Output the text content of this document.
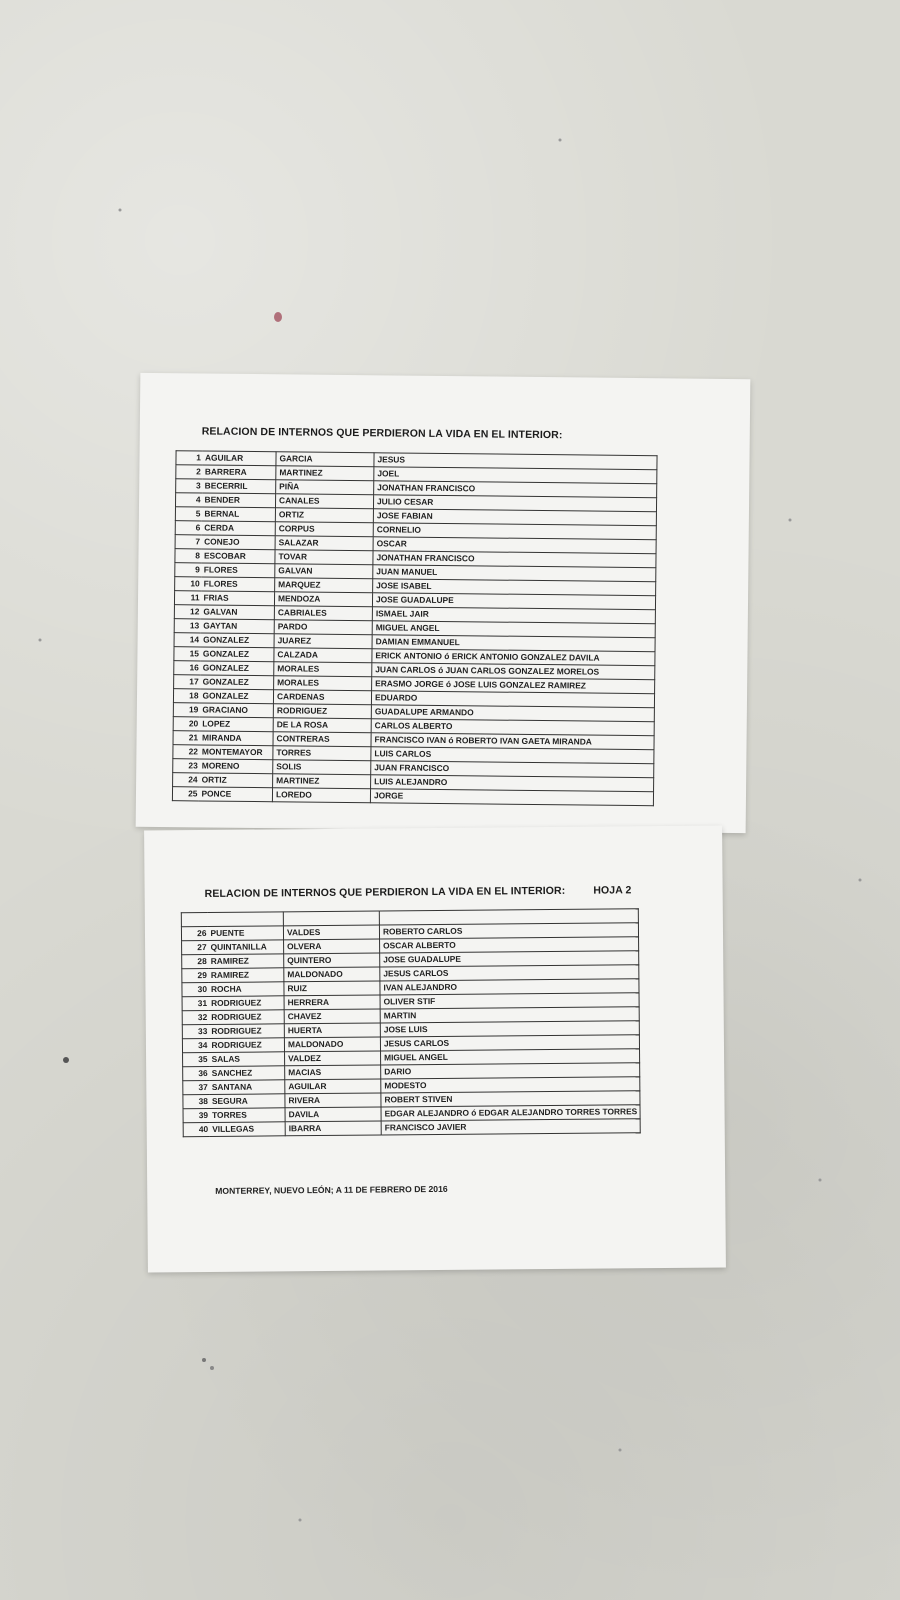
RELACION DE INTERNOS QUE PERDIERON LA VIDA EN EL INTERIOR:
1	AGUILAR	GARCIA	JESUS
2	BARRERA	MARTINEZ	JOEL
3	BECERRIL	PIÑA	JONATHAN FRANCISCO
4	BENDER	CANALES	JULIO CESAR
5	BERNAL	ORTIZ	JOSE FABIAN
6	CERDA	CORPUS	CORNELIO
7	CONEJO	SALAZAR	OSCAR
8	ESCOBAR	TOVAR	JONATHAN FRANCISCO
9	FLORES	GALVAN	JUAN MANUEL
10	FLORES	MARQUEZ	JOSE ISABEL
11	FRIAS	MENDOZA	JOSE GUADALUPE
12	GALVAN	CABRIALES	ISMAEL JAIR
13	GAYTAN	PARDO	MIGUEL ANGEL
14	GONZALEZ	JUAREZ	DAMIAN EMMANUEL
15	GONZALEZ	CALZADA	ERICK ANTONIO ó ERICK ANTONIO GONZALEZ DAVILA
16	GONZALEZ	MORALES	JUAN CARLOS ó JUAN CARLOS GONZALEZ MORELOS
17	GONZALEZ	MORALES	ERASMO JORGE ó JOSE LUIS GONZALEZ RAMIREZ
18	GONZALEZ	CARDENAS	EDUARDO
19	GRACIANO	RODRIGUEZ	GUADALUPE ARMANDO
20	LOPEZ	DE LA ROSA	CARLOS ALBERTO
21	MIRANDA	CONTRERAS	FRANCISCO IVAN ó ROBERTO IVAN GAETA MIRANDA
22	MONTEMAYOR	TORRES	LUIS CARLOS
23	MORENO	SOLIS	JUAN FRANCISCO
24	ORTIZ	MARTINEZ	LUIS ALEJANDRO
25	PONCE	LOREDO	JORGE
RELACION DE INTERNOS QUE PERDIERON LA VIDA EN EL INTERIOR:	HOJA 2

26	PUENTE	VALDES	ROBERTO CARLOS
27	QUINTANILLA	OLVERA	OSCAR ALBERTO
28	RAMIREZ	QUINTERO	JOSE GUADALUPE
29	RAMIREZ	MALDONADO	JESUS CARLOS
30	ROCHA	RUIZ	IVAN ALEJANDRO
31	RODRIGUEZ	HERRERA	OLIVER STIF
32	RODRIGUEZ	CHAVEZ	MARTIN
33	RODRIGUEZ	HUERTA	JOSE LUIS
34	RODRIGUEZ	MALDONADO	JESUS CARLOS
35	SALAS	VALDEZ	MIGUEL ANGEL
36	SANCHEZ	MACIAS	DARIO
37	SANTANA	AGUILAR	MODESTO
38	SEGURA	RIVERA	ROBERT STIVEN
39	TORRES	DAVILA	EDGAR ALEJANDRO ó EDGAR ALEJANDRO TORRES TORRES
40	VILLEGAS	IBARRA	FRANCISCO JAVIER
MONTERREY, NUEVO LEÓN; A 11 DE FEBRERO DE 2016
